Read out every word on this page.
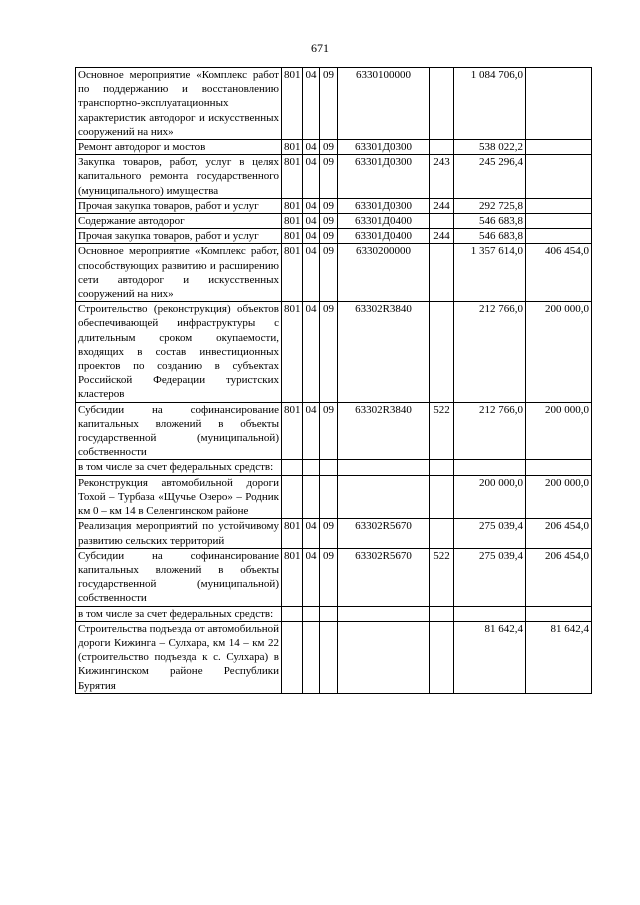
671
Основное мероприятие «Комплекс работ по поддержанию и восстановлению транспортно-эксплуатационных характеристик автодорог и искусственных сооружений на них»	801	04	09	6330100000		1 084 706,0	
Ремонт автодорог и мостов	801	04	09	63301Д0300		538 022,2	
Закупка товаров, работ, услуг в целях капитального ремонта государственного (муниципального) имущества	801	04	09	63301Д0300	243	245 296,4	
Прочая закупка товаров, работ и услуг	801	04	09	63301Д0300	244	292 725,8	
Содержание автодорог	801	04	09	63301Д0400		546 683,8	
Прочая закупка товаров, работ и услуг	801	04	09	63301Д0400	244	546 683,8	
Основное мероприятие «Комплекс работ, способствующих развитию и расширению сети автодорог и искусственных сооружений на них»	801	04	09	6330200000		1 357 614,0	406 454,0
Строительство (реконструкция) объектов обеспечивающей инфраструктуры с длительным сроком окупаемости, входящих в состав инвестиционных проектов по созданию в субъектах Российской Федерации туристских кластеров	801	04	09	63302R3840		212 766,0	200 000,0
Субсидии на софинансирование капитальных вложений в объекты государственной (муниципальной) собственности	801	04	09	63302R3840	522	212 766,0	200 000,0
в том числе за счет федеральных средств:							
Реконструкция автомобильной дороги Тохой – Турбаза «Щучье Озеро» – Родник км 0 – км 14 в Селенгинском районе						200 000,0	200 000,0
Реализация мероприятий по устойчивому развитию сельских территорий	801	04	09	63302R5670		275 039,4	206 454,0
Субсидии на софинансирование капитальных вложений в объекты государственной (муниципальной) собственности	801	04	09	63302R5670	522	275 039,4	206 454,0
в том числе за счет федеральных средств:							
Строительства подъезда от автомобильной дороги Кижинга – Сулхара, км 14 – км 22 (строительство подъезда к с. Сулхара) в Кижингинском районе Республики Бурятия						81 642,4	81 642,4
